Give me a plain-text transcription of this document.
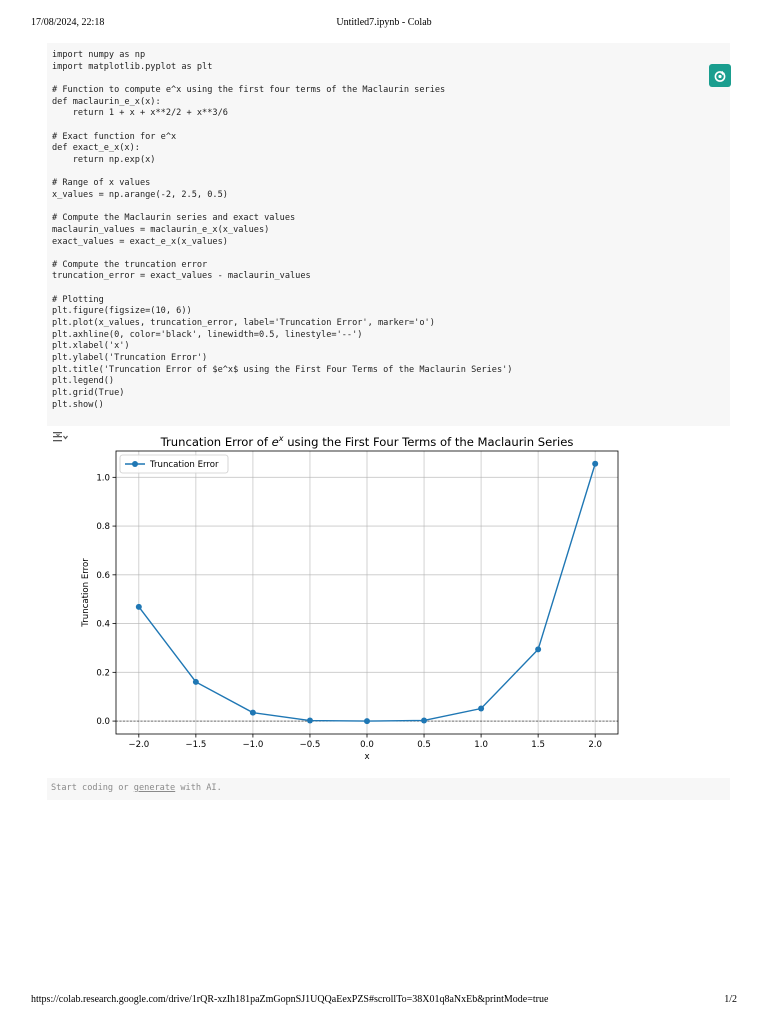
17/08/2024, 22:18	Untitled7.ipynb - Colab
import numpy as np
import matplotlib.pyplot as plt

# Function to compute e^x using the first four terms of the Maclaurin series
def maclaurin_e_x(x):
return 1 + x + x**2/2 + x**3/6

# Exact function for e^x
def exact_e_x(x):
return np.exp(x)

# Range of x values
x_values = np.arange(-2, 2.5, 0.5)

# Compute the Maclaurin series and exact values
maclaurin_values = maclaurin_e_x(x_values)
exact_values = exact_e_x(x_values)

# Compute the truncation error
truncation_error = exact_values - maclaurin_values

# Plotting
plt.figure(figsize=(10, 6))
plt.plot(x_values, truncation_error, label='Truncation Error', marker='o')
plt.axhline(0, color='black', linewidth=0.5, linestyle='--')
plt.xlabel('x')
plt.ylabel('Truncation Error')
plt.title('Truncation Error of $e^x$ using the First Four Terms of the Maclaurin Series')
plt.legend()
plt.grid(True)
plt.show()
Truncation Error of $e^x$ using the First Four Terms of the Maclaurin Series
−2.0	−1.5	−1.0	−0.5	0.0	0.5	1.0	1.5	2.0
0.0
0.2
0.4
0.6
0.8
1.0
x
Truncation Error
Truncation Error
Start coding or generate with AI.
https://colab.research.google.com/drive/1rQR-xzIh181paZmGopnSJ1UQQaEexPZS#scrollTo=38X01q8aNxEb&printMode=true	1/2
